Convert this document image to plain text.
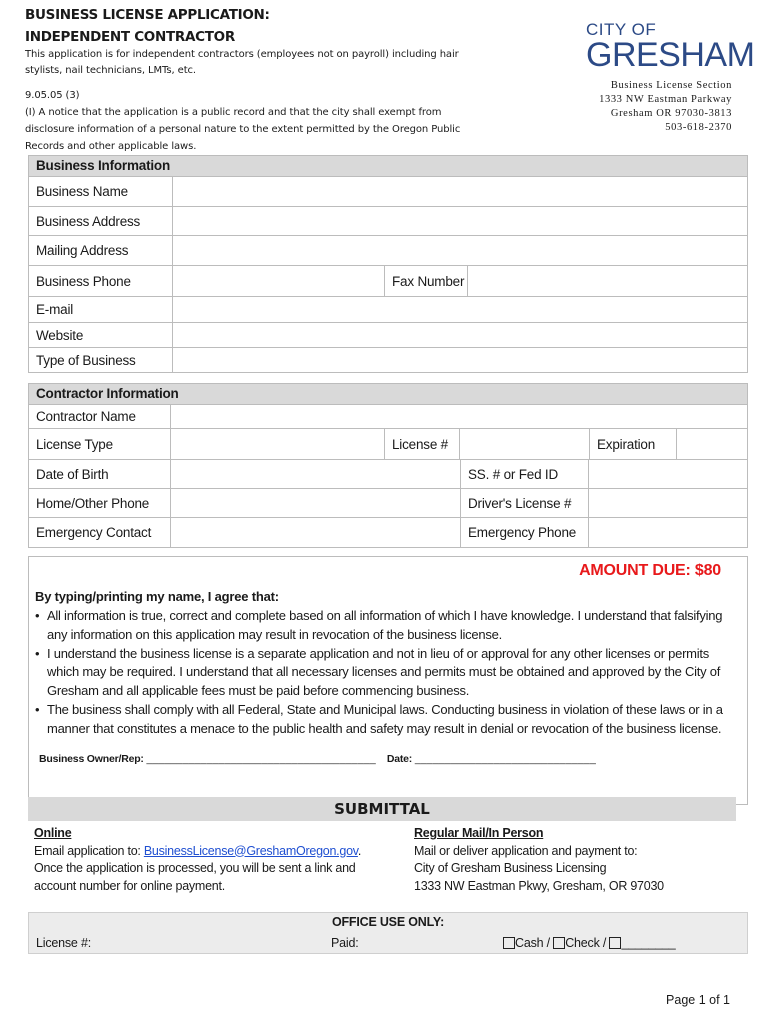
BUSINESS LICENSE APPLICATION:
INDEPENDENT CONTRACTOR
This application is for independent contractors (employees not on payroll) including hair stylists, nail technicians, LMTs, etc.
9.05.05 (3)
(I) A notice that the application is a public record and that the city shall exempt from disclosure information of a personal nature to the extent permitted by the Oregon Public Records and other applicable laws.
CITY OF
GRESHAM
Business License Section
1333 NW Eastman Parkway
Gresham OR 97030-3813
503-618-2370
Business Information
Business Name
Business Address
Mailing Address
Business Phone	Fax Number
E-mail
Website
Type of Business
Contractor Information
Contractor Name
License Type	License #	Expiration
Date of Birth	SS. # or Fed ID
Home/Other Phone	Driver's License #
Emergency Contact	Emergency Phone
AMOUNT DUE: $80
By typing/printing my name, I agree that:
• All information is true, correct and complete based on all information of which I have knowledge. I understand that falsifying any information on this application may result in revocation of the business license.
• I understand the business license is a separate application and not in lieu of or approval for any other licenses or permits which may be required. I understand that all necessary licenses and permits must be obtained and approved by the City of Gresham and all applicable fees must be paid before commencing business.
• The business shall comply with all Federal, State and Municipal laws. Conducting business in violation of these laws or in a manner that constitutes a menace to the public health and safety may result in denial or revocation of the business license.
Business Owner/Rep: ______________________________________ Date: ______________________________
SUBMITTAL
Online
Email application to: BusinessLicense@GreshamOregon.gov.
Once the application is processed, you will be sent a link and account number for online payment.
Regular Mail/In Person
Mail or deliver application and payment to:
City of Gresham Business Licensing
1333 NW Eastman Pkwy, Gresham, OR 97030
OFFICE USE ONLY:
License #:	Paid:	Cash / Check / ________
Page 1 of 1
